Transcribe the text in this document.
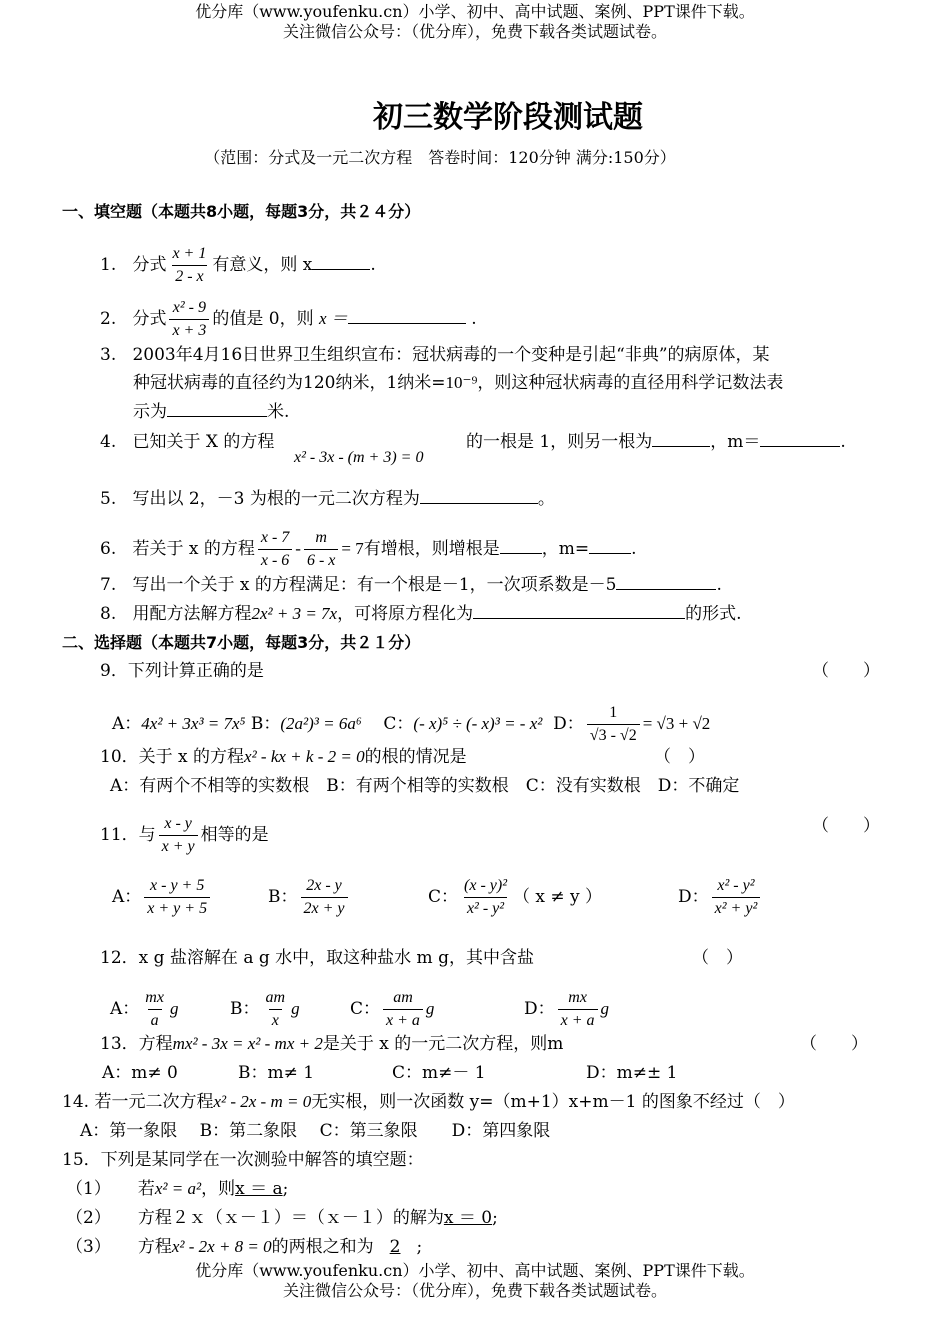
优分库（www.youfenku.cn）小学、初中、高中试题、案例、PPT课件下载。
关注微信公众号：（优分库），免费下载各类试题试卷。
初三数学阶段测试题
（范围：分式及一元二次方程　答卷时间：120分钟 满分:150分）
一、填空题（本题共8小题，每题3分，共２４分）
1. 分式 $\frac{x + 1}{2 - x}$ 有意义，则 x	.
2. 分式 $\frac{\text{x² - 9}}{x + 3}$ 的值是 0，则 x ＝	.
3. 2003年4月16日世界卫生组织宣布：冠状病毒的一个变种是引起“非典”的病原体，某
种冠状病毒的直径约为120纳米，1纳米=10⁻⁹，则这种冠状病毒的直径用科学记数法表
示为	米.
4. 已知关于 X 的方程
x² - 3x - (m + 3) = 0
的一根是 1，则另一根为	，m＝	.
5. 写出以 2，－3 为根的一元二次方程为	。
6. 若关于 x 的方程 $\frac{x - 7}{x - 6} - \frac{m}{6 - x} = 7$有增根，则增根是 ，m= .
7. 写出一个关于 x 的方程满足：有一个根是－1，一次项系数是－5	.
8. 用配方法解方程2x² + 3 = 7x，可将原方程化为	的形式.
二、选择题（本题共7小题，每题3分，共２１分）
9．下列计算正确的是	（　　）
A：4x² + 3x³ = 7x⁵ B：(2a²)³ = 6a⁶ C：(- x)⁵ ÷ (- x)³ = - x² D： $\frac{1}{√3 - √2} = √3 + √2$
10．关于 x 的方程x² - kx + k - 2 = 0的根的情况是	（　）
A：有两个不相等的实数根　B：有两个相等的实数根　C：没有实数根　D：不确定
11．与 $\frac{x - y}{x + y}$ 相等的是	（　　）
A： $\frac{x - y + 5}{x + y + 5}$	B： $\frac{2x - y}{2x + y}$	C： $\frac{\text{(x - y)²}}{\text{x² - y²}}$ （ x ≠ y ）	D： $\frac{\text{x² - y²}}{\text{x² + y²}}$
12．x g 盐溶解在 a g 水中，取这种盐水 m g，其中含盐	（　）
A： $\frac{mx}{a}$ g	B： $\frac{am}{x}$ g	C： $\frac{am}{x + a}$ g	D： $\frac{mx}{x + a}$ g
13．方程mx² - 3x = x² - mx + 2是关于 x 的一元二次方程，则m	（　　）
A：m≠ 0	B：m≠ 1	C：m≠－ 1	D：m≠± 1
14. 若一元二次方程x² - 2x - m = 0无实根，则一次函数 y=（m+1）x+m－1 的图象不经过（　）
A：第一象限　 B：第二象限　 C：第三象限　　D：第四象限
15．下列是某同学在一次测验中解答的填空题：
（1） 若x² = a²，则x ＝ a;
（2） 方程２ｘ（ｘ－１）＝（ｘ－１）的解为x ＝ 0;
（3） 方程x² - 2x + 8 = 0的两根之和为 2 ;
优分库（www.youfenku.cn）小学、初中、高中试题、案例、PPT课件下载。
关注微信公众号：（优分库），免费下载各类试题试卷。
